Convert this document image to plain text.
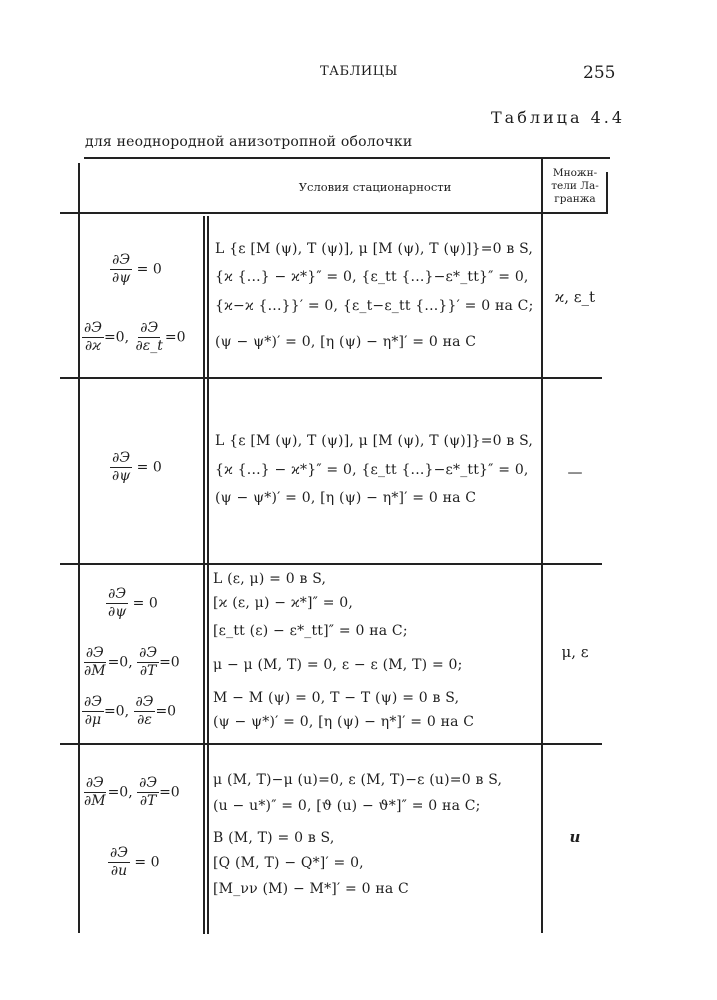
ТАБЛИЦЫ	255
Таблица 4.4
для неоднородной анизотропной оболочки
Условия стационарности
Множн-
тели Ла-
гранжа
$\frac{\partial Э}{\partial\psi} = 0$
$\frac{\partial Э}{\partial ϰ} =0$, $\frac{\partial Э}{\partial\varepsilon\_t} =0$
L {ε [M (ψ), T (ψ)], μ [M (ψ), T (ψ)]}=0 в S,
{ϰ {...} − ϰ*}″ = 0, {ε_tt {...}−ε*_tt}″ = 0,
{ϰ−ϰ {...}}′ = 0, {ε_t−ε_tt {...}}′ = 0 на C;
(ψ − ψ*)′ = 0, [η (ψ) − η*]′ = 0 на C
ϰ, ε_t
$\frac{\partial Э}{\partial\psi} = 0$
L {ε [M (ψ), T (ψ)], μ [M (ψ), T (ψ)]}=0 в S,
{ϰ {...} − ϰ*}″ = 0, {ε_tt {...}−ε*_tt}″ = 0,
(ψ − ψ*)′ = 0, [η (ψ) − η*]′ = 0 на C
—
$\frac{\partial Э}{\partial\psi} = 0$
$\frac{\partial Э}{\partial M} =0$, $\frac{\partial Э}{\partial T} =0$
$\frac{\partial Э}{\partial\mu} =0$, $\frac{\partial Э}{\partial\varepsilon} =0$
L (ε, μ) = 0 в S,
[ϰ (ε, μ) − ϰ*]″ = 0,
[ε_tt (ε) − ε*_tt]″ = 0 на C;
μ − μ (M, T) = 0, ε − ε (M, T) = 0;
M − M (ψ) = 0, T − T (ψ) = 0 в S,
(ψ − ψ*)′ = 0, [η (ψ) − η*]′ = 0 на C
μ, ε
$\frac{\partial Э}{\partial M} =0$, $\frac{\partial Э}{\partial T} =0$
$\frac{\partial Э}{\partial u} = 0$
μ (M, T)−μ (u)=0, ε (M, T)−ε (u)=0 в S,
(u − u*)″ = 0, [ϑ (u) − ϑ*]″ = 0 на C;
B (M, T) = 0 в S,
[Q (M, T) − Q*]′ = 0,
[M_νν (M) − M*]′ = 0 на C
u
